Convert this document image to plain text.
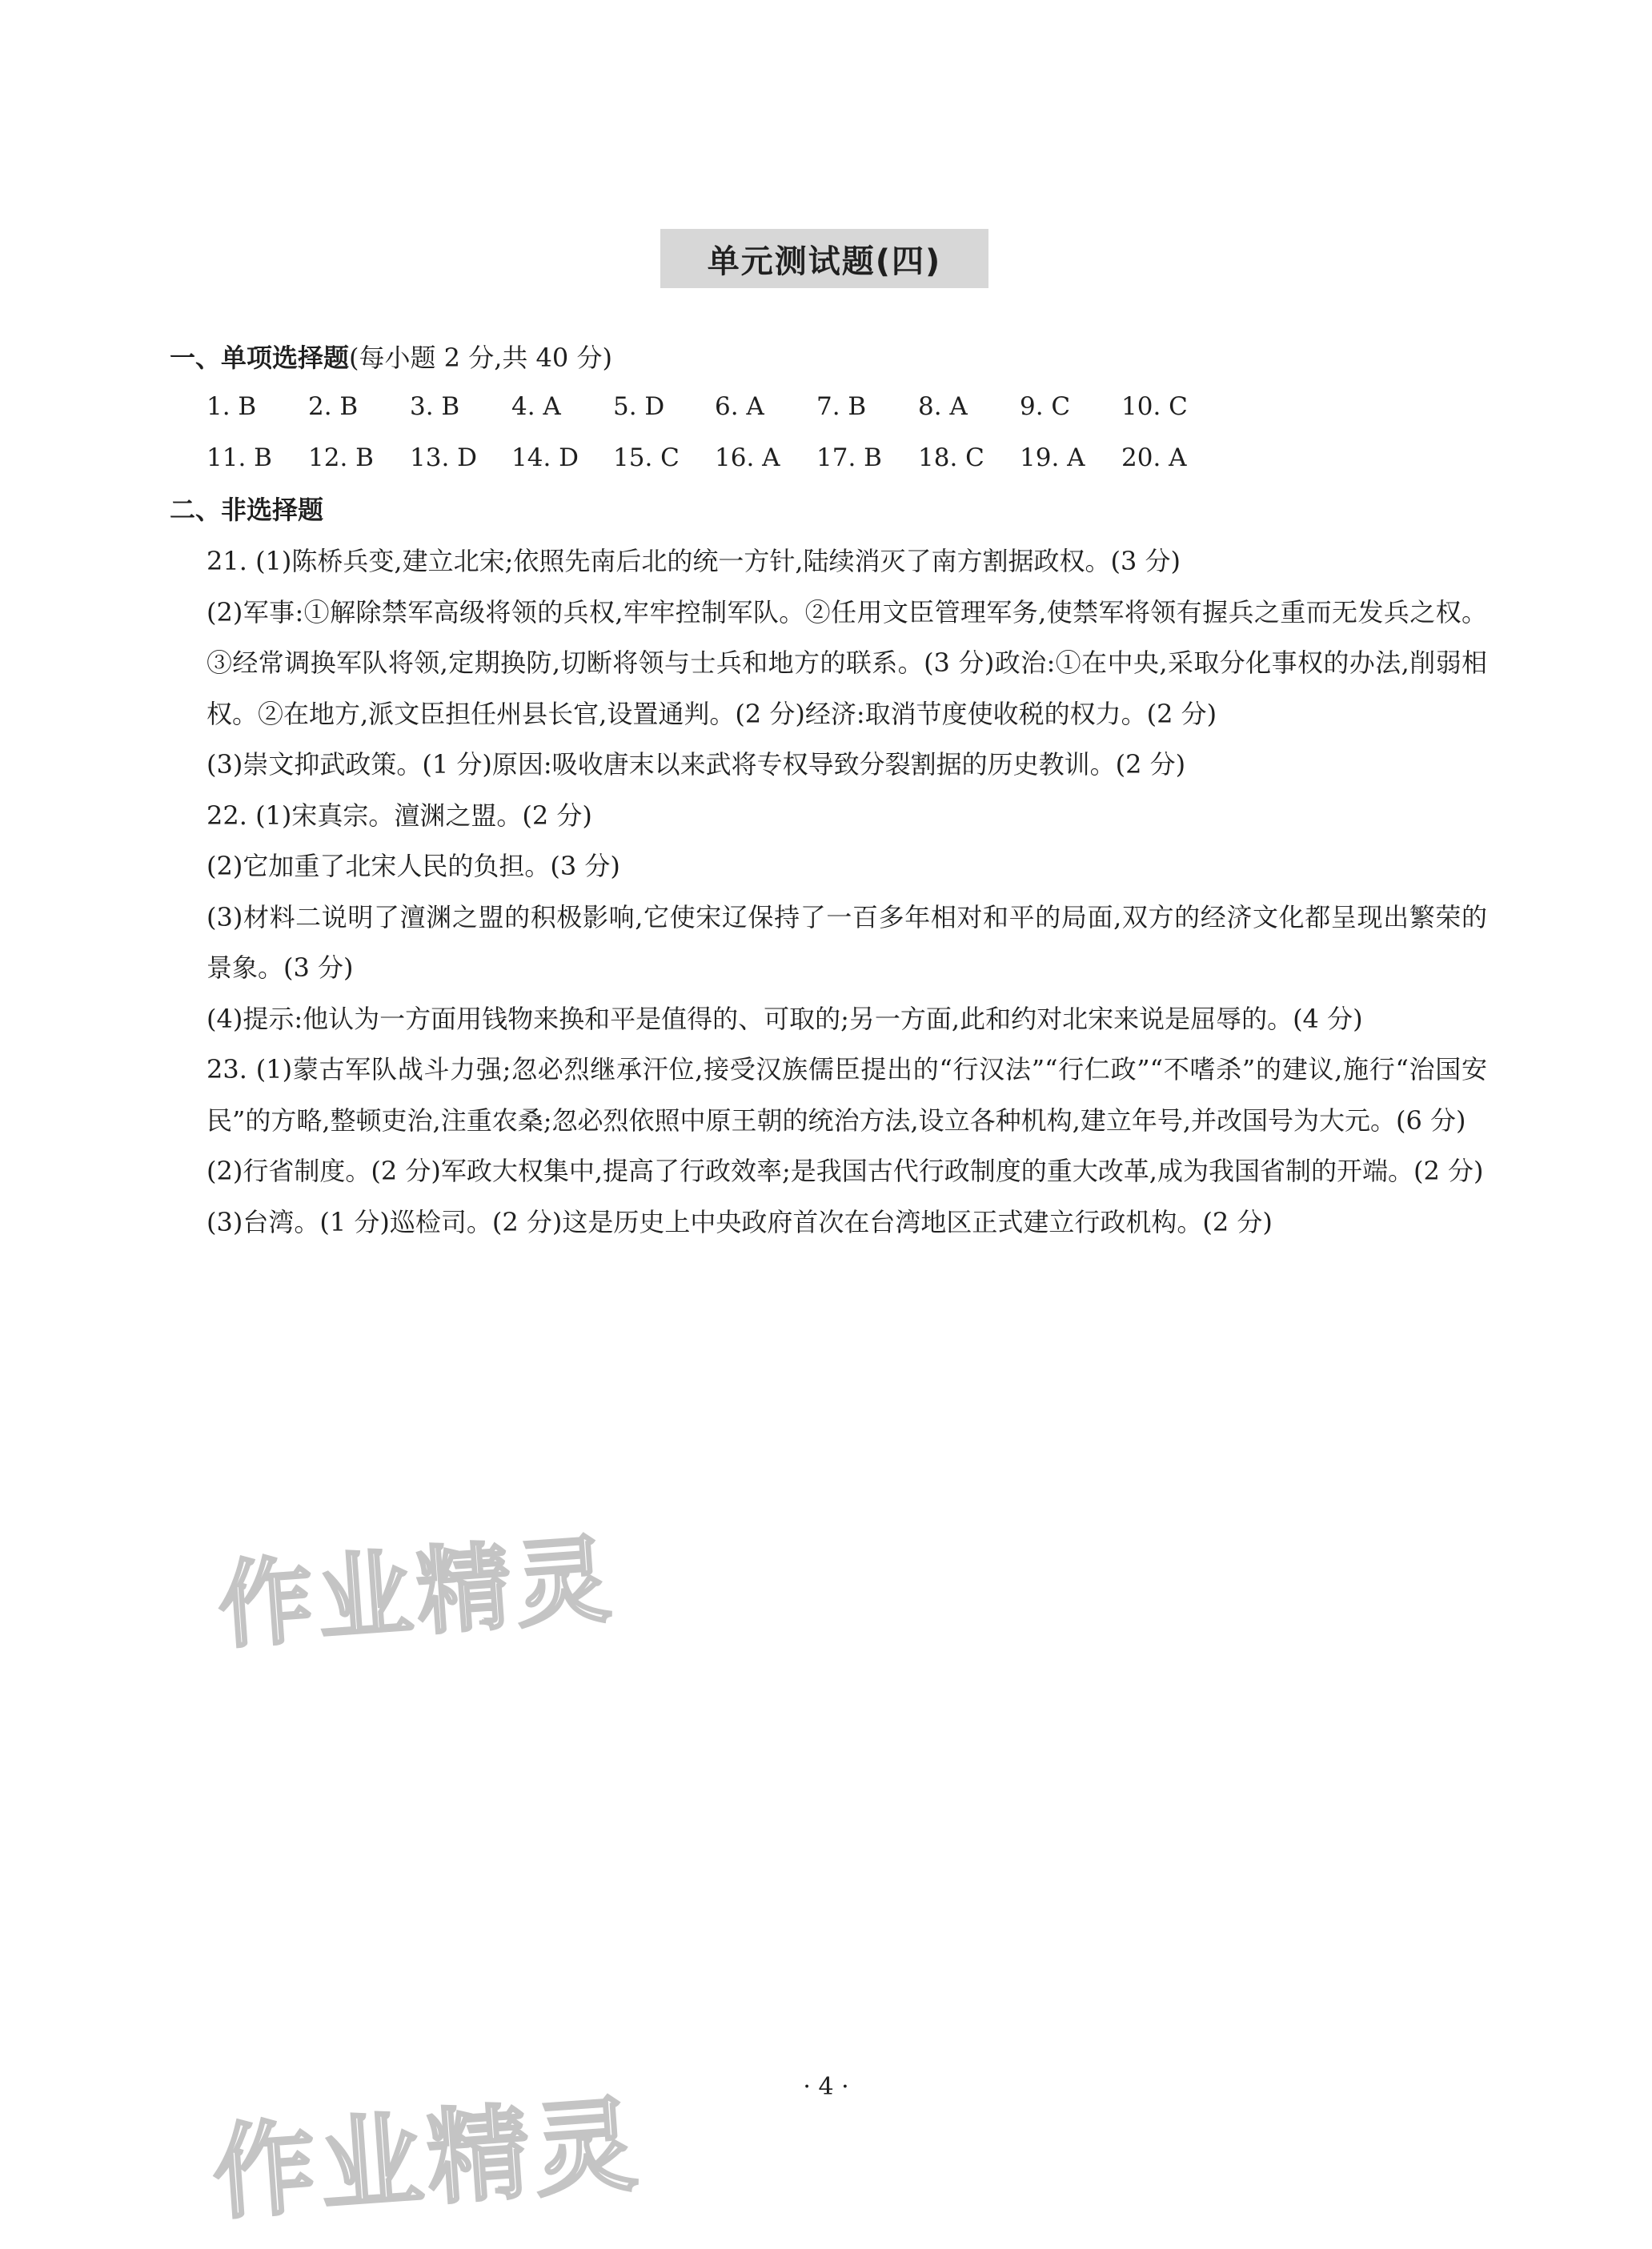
单元测试题(四)
一、单项选择题(每小题 2 分,共 40 分)
1. B 2. B 3. B 4. A 5. D 6. A 7. B 8. A 9. C 10. C
11. B 12. B 13. D 14. D 15. C 16. A 17. B 18. C 19. A 20. A
二、非选择题

21. (1)陈桥兵变,建立北宋;依照先南后北的统一方针,陆续消灭了南方割据政权。(3 分)

(2)军事:①解除禁军高级将领的兵权,牢牢控制军队。②任用文臣管理军务,使禁军将领有握兵之重而无发兵之权。③经常调换军队将领,定期换防,切断将领与士兵和地方的联系。(3 分)政治:①在中央,采取分化事权的办法,削弱相权。②在地方,派文臣担任州县长官,设置通判。(2 分)经济:取消节度使收税的权力。(2 分)

(3)崇文抑武政策。(1 分)原因:吸收唐末以来武将专权导致分裂割据的历史教训。(2 分)

22. (1)宋真宗。澶渊之盟。(2 分)

(2)它加重了北宋人民的负担。(3 分)

(3)材料二说明了澶渊之盟的积极影响,它使宋辽保持了一百多年相对和平的局面,双方的经济文化都呈现出繁荣的景象。(3 分)

(4)提示:他认为一方面用钱物来换和平是值得的、可取的;另一方面,此和约对北宋来说是屈辱的。(4 分)

23. (1)蒙古军队战斗力强;忽必烈继承汗位,接受汉族儒臣提出的“行汉法”“行仁政”“不嗜杀”的建议,施行“治国安民”的方略,整顿吏治,注重农桑;忽必烈依照中原王朝的统治方法,设立各种机构,建立年号,并改国号为大元。(6 分)

(2)行省制度。(2 分)军政大权集中,提高了行政效率;是我国古代行政制度的重大改革,成为我国省制的开端。(2 分)

(3)台湾。(1 分)巡检司。(2 分)这是历史上中央政府首次在台湾地区正式建立行政机构。(2 分)

作业精灵
· 4 ·
作业精灵
